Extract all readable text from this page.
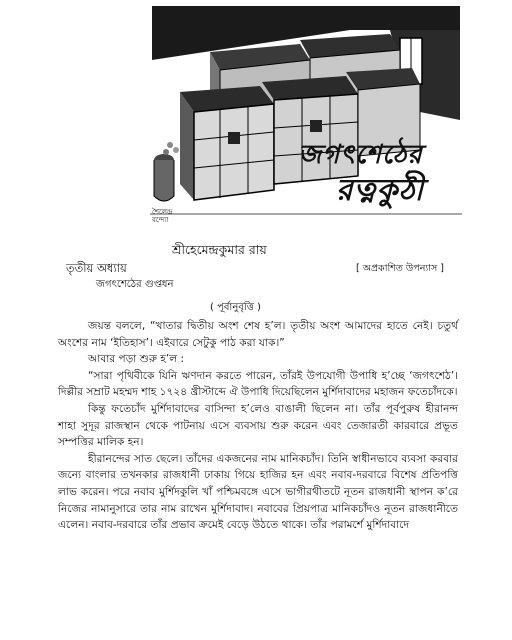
জগৎশেঠের
রত্নকুঠী
শৈলেন্দ্র
বন্দ্যো
শ্রীহেমেন্দ্রকুমার রায়
তৃতীয় অধ্যায়
জগৎশেঠের গুপ্তধন
[ অপ্রকাশিত উপন্যাস ]
( পূর্বানুবৃত্তি )

জয়ন্ত বললে, “খাতার দ্বিতীয় অংশ শেষ হ’ল। তৃতীয় অংশ আমাদের হাতে নেই। চতুর্থ অংশের নাম ‘ইতিহাস’। এইবারে সেটুকু পাঠ করা যাক।”

আবার পড়া শুরু হ’ল :

“সারা পৃথিবীকে যিনি ঋণদান করতে পারেন, তাঁরই উপযোগী উপাধি হ’চ্ছে ‘জগৎশেঠ’। দিল্লীর সম্রাট মহম্মদ শাহ ১৭২৪ খ্রীস্টাব্দে ঐ উপাধি দিয়েছিলেন মুর্শিদাবাদের মহাজন ফতেচাঁদকে।

কিন্তু ফতেচাঁদ মুর্শিদাবাদের বাসিন্দা হ’লেও বাঙালী ছিলেন না। তাঁর পূর্বপুরুষ হীরানন্দ শাহা সুদূর রাজস্থান থেকে পাটনায় এসে ব্যবসায় শুরু করেন এবং তেজারতী কারবারে প্রভূত সম্পত্তির মালিক হন।

হীরানন্দের সাত ছেলে। তাঁদের একজনের নাম মানিকচাঁদ। তিনি স্বাধীনভাবে ব্যবসা করবার জন্যে বাংলার তখনকার রাজধানী ঢাকায় গিয়ে হাজির হন এবং নবাব-দরবারে বিশেষ প্রতিপত্তি লাভ করেন। পরে নবাব মুর্শিদকুলি খাঁ পশ্চিমবঙ্গে এসে ভাগীরথীতটে নূতন রাজধানী স্থাপন ক’রে নিজের নামানুসারে তার নাম রাখেন মুর্শিদাবাদ। নবাবের প্রিয়পাত্র মানিকচাঁদও নূতন রাজধানীতে এলেন। নবাব-দরবারে তাঁর প্রভাব ক্রমেই বেড়ে উঠতে থাকে। তাঁর পরামর্শে মুর্শিদাবাদে
